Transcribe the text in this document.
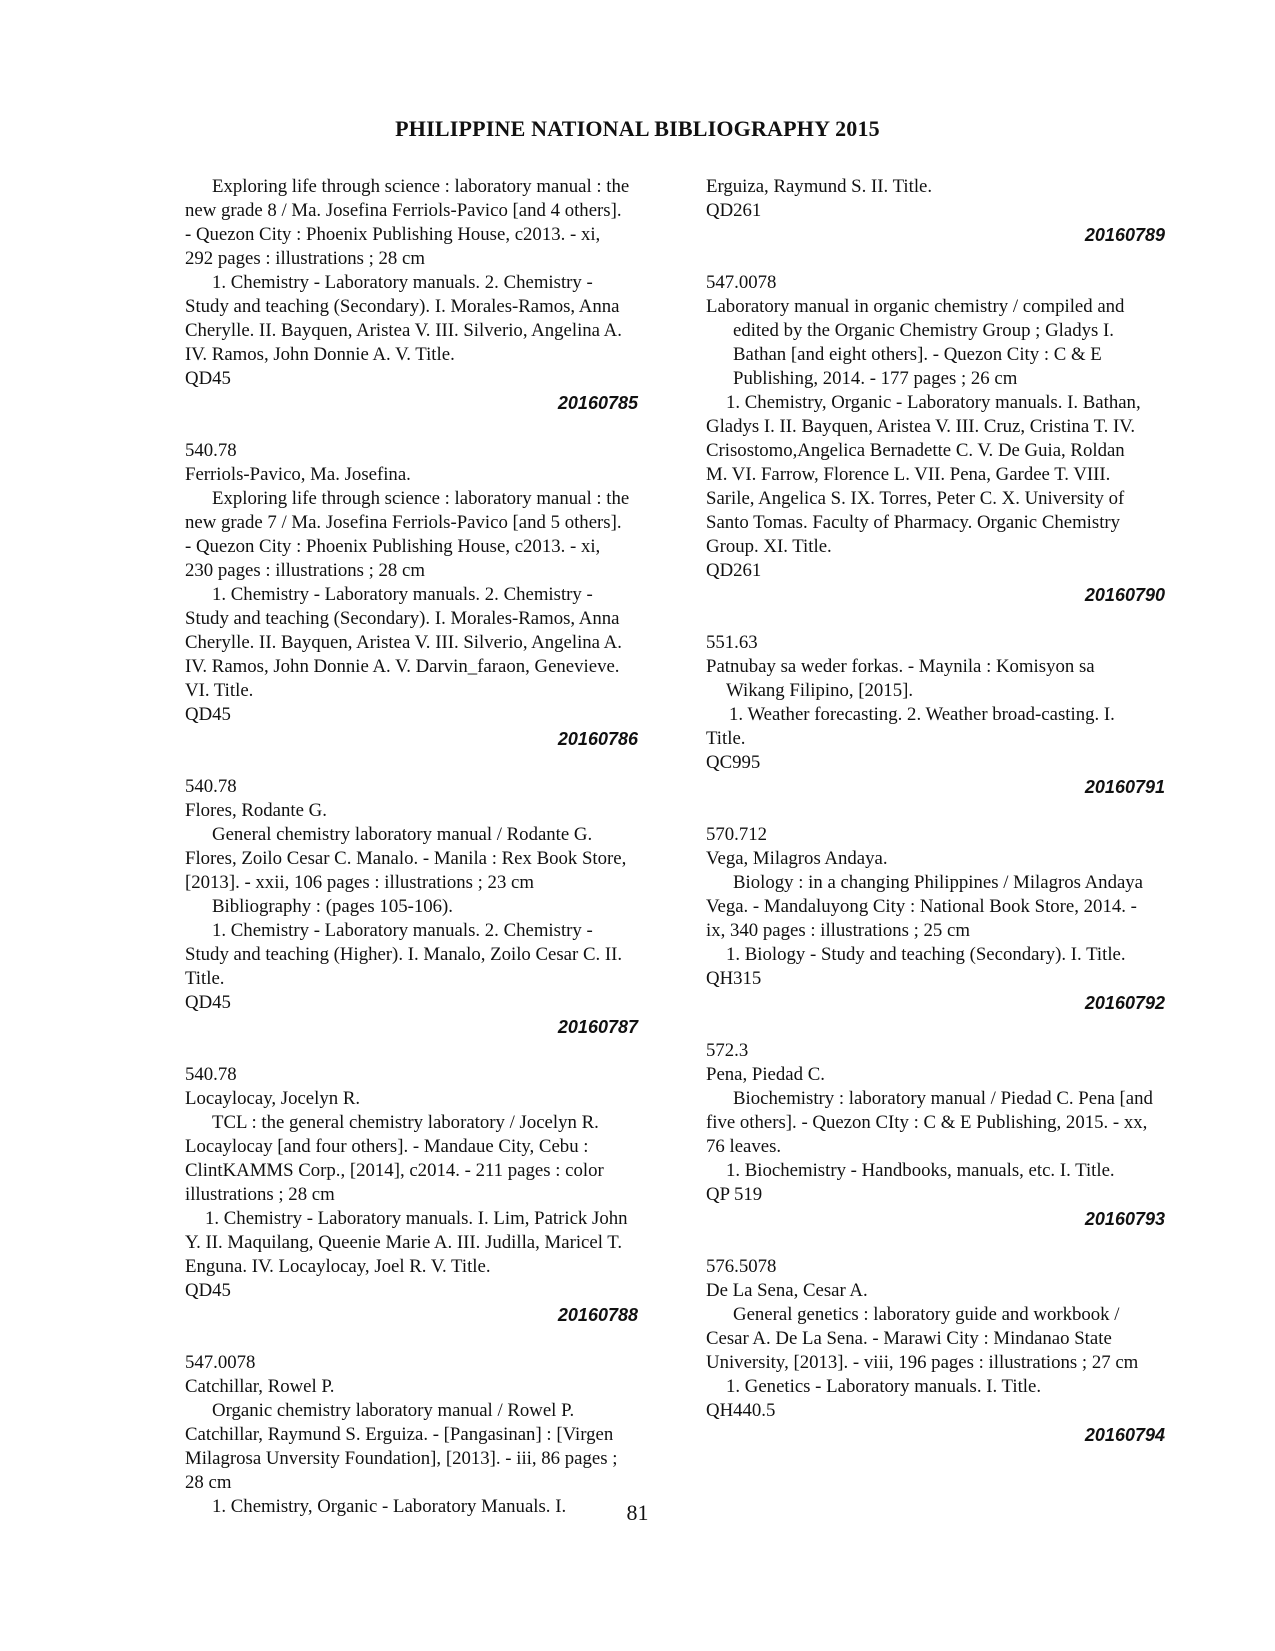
PHILIPPINE NATIONAL BIBLIOGRAPHY 2015
Exploring life through science : laboratory manual : the
new grade 8 / Ma. Josefina Ferriols-Pavico [and 4 others].
- Quezon City : Phoenix Publishing House, c2013. - xi,
292 pages : illustrations ; 28 cm
1. Chemistry - Laboratory manuals. 2. Chemistry -
Study and teaching (Secondary). I. Morales-Ramos, Anna
Cherylle. II. Bayquen, Aristea V. III. Silverio, Angelina A.
IV. Ramos, John Donnie A. V. Title.
QD45
20160785
540.78
Ferriols-Pavico, Ma. Josefina.
Exploring life through science : laboratory manual : the
new grade 7 / Ma. Josefina Ferriols-Pavico [and 5 others].
- Quezon City : Phoenix Publishing House, c2013. - xi,
230 pages : illustrations ; 28 cm
1. Chemistry - Laboratory manuals. 2. Chemistry -
Study and teaching (Secondary). I. Morales-Ramos, Anna
Cherylle. II. Bayquen, Aristea V. III. Silverio, Angelina A.
IV. Ramos, John Donnie A. V. Darvin_faraon, Genevieve.
VI. Title.
QD45
20160786
540.78
Flores, Rodante G.
General chemistry laboratory manual / Rodante G.
Flores, Zoilo Cesar C. Manalo. - Manila : Rex Book Store,
[2013]. - xxii, 106 pages : illustrations ; 23 cm
Bibliography : (pages 105-106).
1. Chemistry - Laboratory manuals. 2. Chemistry -
Study and teaching (Higher). I. Manalo, Zoilo Cesar C. II.
Title.
QD45
20160787
540.78
Locaylocay, Jocelyn R.
TCL : the general chemistry laboratory / Jocelyn R.
Locaylocay [and four others]. - Mandaue City, Cebu :
ClintKAMMS Corp., [2014], c2014. - 211 pages : color
illustrations ; 28 cm
1. Chemistry - Laboratory manuals. I. Lim, Patrick John
Y. II. Maquilang, Queenie Marie A. III. Judilla, Maricel T.
Enguna. IV. Locaylocay, Joel R. V. Title.
QD45
20160788
547.0078
Catchillar, Rowel P.
Organic chemistry laboratory manual / Rowel P.
Catchillar, Raymund S. Erguiza. - [Pangasinan] : [Virgen
Milagrosa Unversity Foundation], [2013]. - iii, 86 pages ;
28 cm
1. Chemistry, Organic - Laboratory Manuals. I.
Erguiza, Raymund S. II. Title.
QD261
20160789
547.0078
Laboratory manual in organic chemistry / compiled and
edited by the Organic Chemistry Group ; Gladys I.
Bathan [and eight others]. - Quezon City : C & E
Publishing, 2014. - 177 pages ; 26 cm
1. Chemistry, Organic - Laboratory manuals. I. Bathan,
Gladys I. II. Bayquen, Aristea V. III. Cruz, Cristina T. IV.
Crisostomo,Angelica Bernadette C. V. De Guia, Roldan
M. VI. Farrow, Florence L. VII. Pena, Gardee T. VIII.
Sarile, Angelica S. IX. Torres, Peter C. X. University of
Santo Tomas. Faculty of Pharmacy. Organic Chemistry
Group. XI. Title.
QD261
20160790
551.63
Patnubay sa weder forkas. - Maynila : Komisyon sa
Wikang Filipino, [2015].
1. Weather forecasting. 2. Weather broad-casting. I.
Title.
QC995
20160791
570.712
Vega, Milagros Andaya.
Biology : in a changing Philippines / Milagros Andaya
Vega. - Mandaluyong City : National Book Store, 2014. -
ix, 340 pages : illustrations ; 25 cm
1. Biology - Study and teaching (Secondary). I. Title.
QH315
20160792
572.3
Pena, Piedad C.
Biochemistry : laboratory manual / Piedad C. Pena [and
five others]. - Quezon CIty : C & E Publishing, 2015. - xx,
76 leaves.
1. Biochemistry - Handbooks, manuals, etc. I. Title.
QP 519
20160793
576.5078
De La Sena, Cesar A.
General genetics : laboratory guide and workbook /
Cesar A. De La Sena. - Marawi City : Mindanao State
University, [2013]. - viii, 196 pages : illustrations ; 27 cm
1. Genetics - Laboratory manuals. I. Title.
QH440.5
20160794
81
